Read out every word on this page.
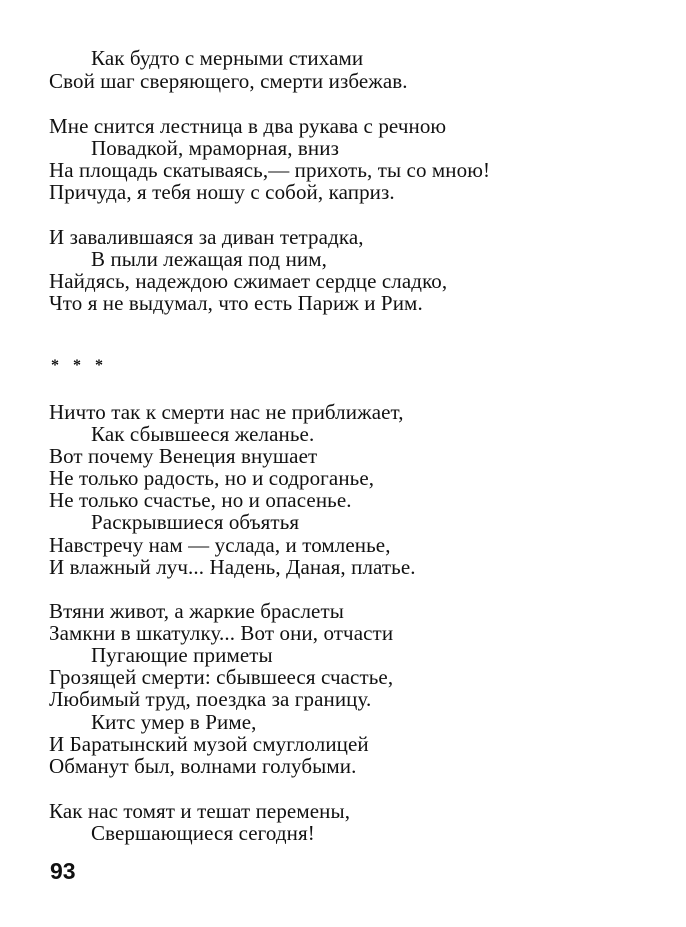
Как будто с мерными стихами
Свой шаг сверяющего, смерти избежав.
Мне снится лестница в два рукава с речною
Повадкой, мраморная, вниз
На площадь скатываясь,— прихоть, ты со мною!
Причуда, я тебя ношу с собой, каприз.
И завалившаяся за диван тетрадка,
В пыли лежащая под ним,
Найдясь, надеждою сжимает сердце сладко,
Что я не выдумал, что есть Париж и Рим.
* * *
Ничто так к смерти нас не приближает,
Как сбывшееся желанье.
Вот почему Венеция внушает
Не только радость, но и содроганье,
Не только счастье, но и опасенье.
Раскрывшиеся объятья
Навстречу нам — услада, и томленье,
И влажный луч... Надень, Даная, платье.
Втяни живот, а жаркие браслеты
Замкни в шкатулку... Вот они, отчасти
Пугающие приметы
Грозящей смерти: сбывшееся счастье,
Любимый труд, поездка за границу.
Китс умер в Риме,
И Баратынский музой смуглолицей
Обманут был, волнами голубыми.
Как нас томят и тешат перемены,
Свершающиеся сегодня!
93
